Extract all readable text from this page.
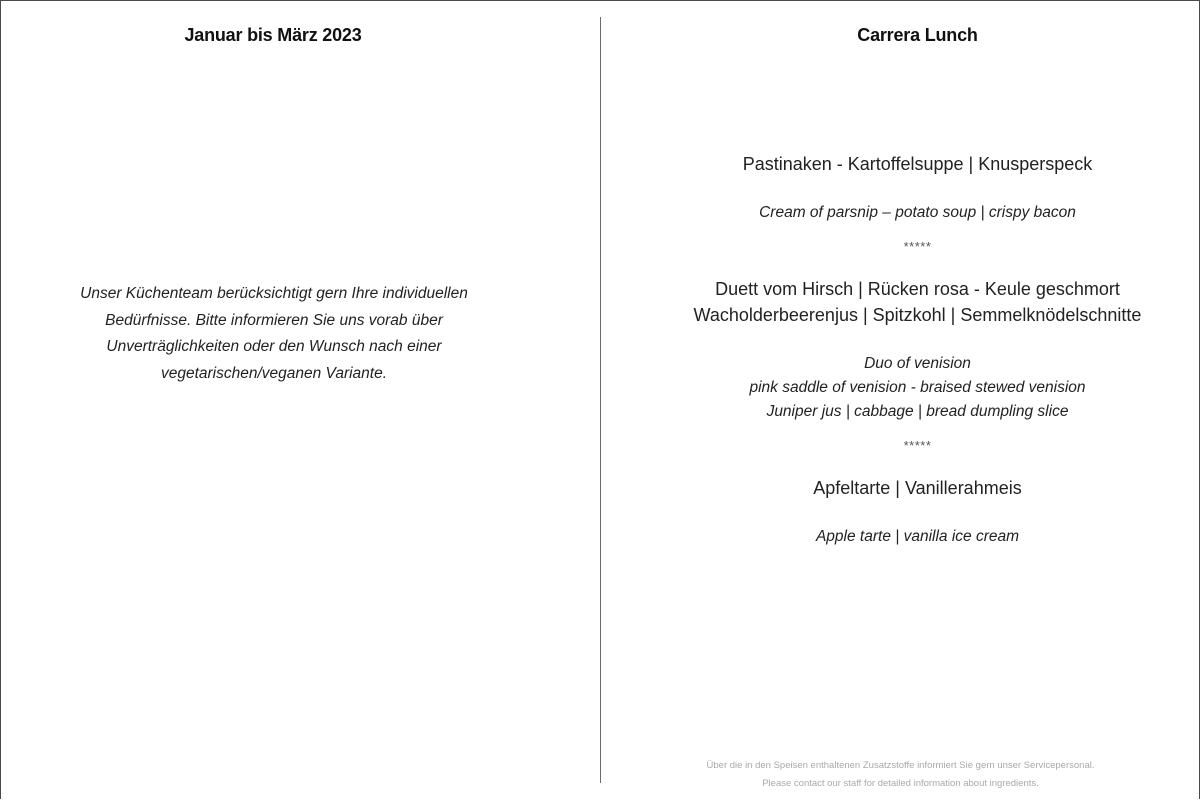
Januar bis März 2023

Unser Küchenteam berücksichtigt gern Ihre individuellen

Bedürfnisse. Bitte informieren Sie uns vorab über

Unverträglichkeiten oder den Wunsch nach einer

vegetarischen/veganen Variante.

Carrera Lunch

Pastinaken - Kartoffelsuppe | Knusperspeck

Cream of parsnip – potato soup | crispy bacon

*****

Duett vom Hirsch | Rücken rosa - Keule geschmort

Wacholderbeerenjus | Spitzkohl | Semmelknödelschnitte

Duo of venision

pink saddle of venision - braised stewed venision

Juniper jus | cabbage | bread dumpling slice

*****

Apfeltarte | Vanillerahmeis

Apple tarte | vanilla ice cream

Über die in den Speisen enthaltenen Zusatzstoffe informiert Sie gern unser Servicepersonal.

Please contact our staff for detailed information about ingredients.
